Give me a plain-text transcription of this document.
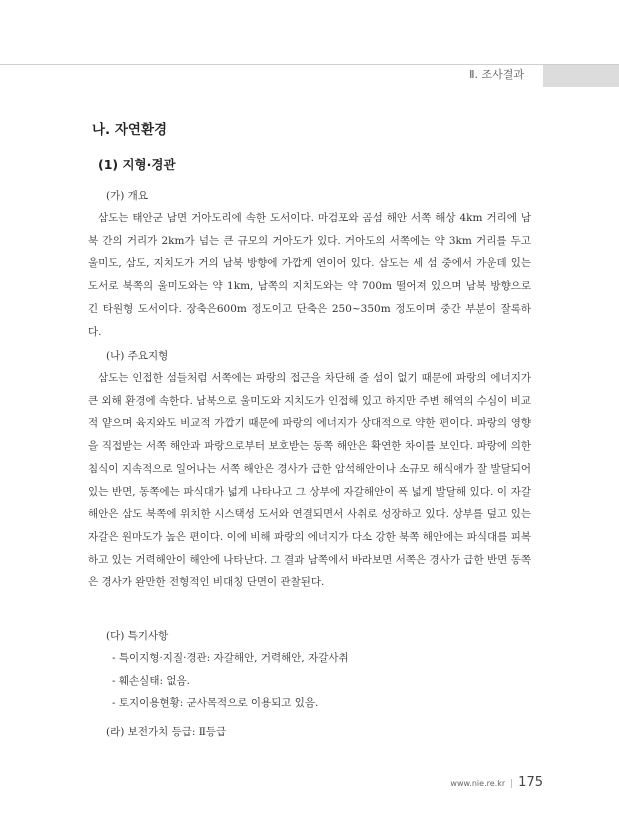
Ⅱ. 조사결과
나. 자연환경
(1) 지형·경관
(가) 개요
삼도는 태안군 남면 거아도리에 속한 도서이다. 마검포와 곰섬 해안 서쪽 해상 4km 거리에 남북 간의 거리가 2km가 넘는 큰 규모의 거아도가 있다. 거아도의 서쪽에는 약 3km 거리를 두고 울미도, 삼도, 지치도가 거의 남북 방향에 가깝게 연이어 있다. 삼도는 세 섬 중에서 가운데 있는 도서로 북쪽의 울미도와는 약 1km, 남쪽의 지치도와는 약 700m 떨어져 있으며 남북 방향으로 긴 타원형 도서이다. 장축은600m 정도이고 단축은 250~350m 정도이며 중간 부분이 잘록하다.
(나) 주요지형
삼도는 인접한 섬들처럼 서쪽에는 파랑의 접근을 차단해 줄 섬이 없기 때문에 파랑의 에너지가 큰 외해 환경에 속한다. 남북으로 울미도와 지치도가 인접해 있고 하지만 주변 해역의 수심이 비교적 얕으며 육지와도 비교적 가깝기 때문에 파랑의 에너지가 상대적으로 약한 편이다. 파랑의 영향을 직접받는 서쪽 해안과 파랑으로부터 보호받는 동쪽 해안은 확연한 차이를 보인다. 파랑에 의한 침식이 지속적으로 일어나는 서쪽 해안은 경사가 급한 암석해안이나 소규모 해식애가 잘 발달되어 있는 반면, 동쪽에는 파식대가 넓게 나타나고 그 상부에 자갈해안이 폭 넓게 발달해 있다. 이 자갈해안은 삼도 북쪽에 위치한 시스택성 도서와 연결되면서 사취로 성장하고 있다. 상부를 덮고 있는 자갈은 원마도가 높은 편이다. 이에 비해 파랑의 에너지가 다소 강한 북쪽 해안에는 파식대를 피복하고 있는 거력해안이 해안에 나타난다. 그 결과 남쪽에서 바라보면 서쪽은 경사가 급한 반면 동쪽은 경사가 완만한 전형적인 비대칭 단면이 관찰된다.
(다) 특기사항
- 특이지형·지질·경관: 자갈해안, 거력해안, 자갈사취
- 훼손실태: 없음.
- 토지이용현황: 군사목적으로 이용되고 있음.
(라) 보전가치 등급: Ⅱ등급
www.nie.re.kr | 175
